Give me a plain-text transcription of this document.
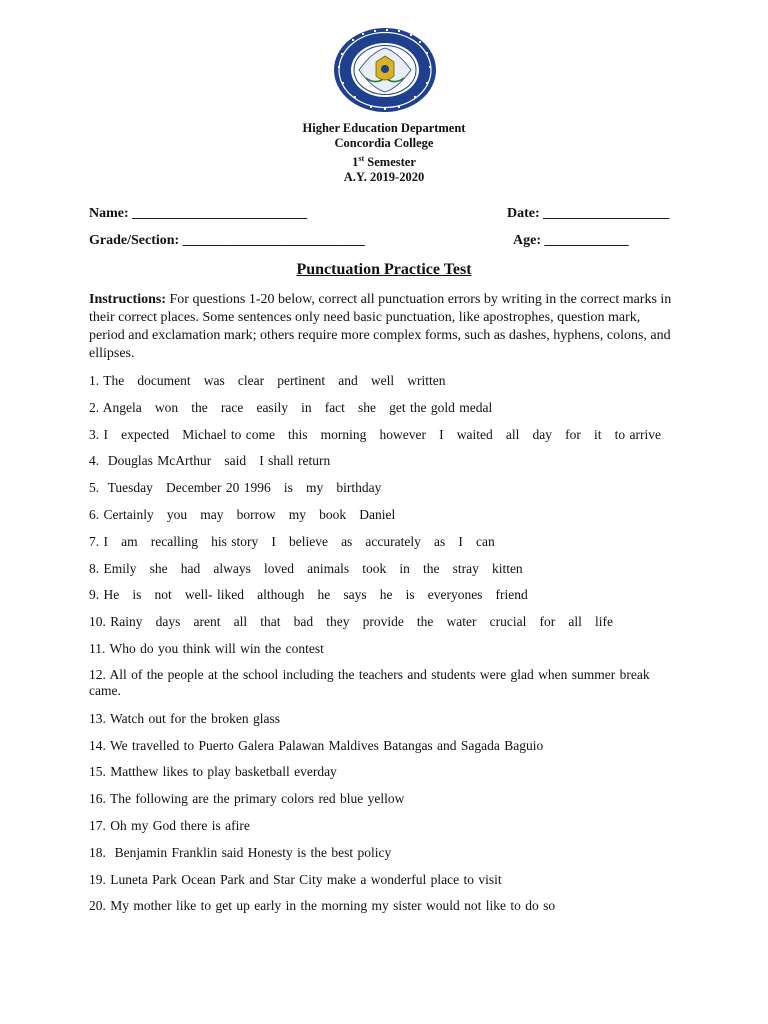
Higher Education Department
Concordia College
1st Semester
A.Y. 2019-2020
Name: _________________________	Date: __________________
Grade/Section: __________________________	Age: ____________
Punctuation Practice Test
Instructions: For questions 1-20 below, correct all punctuation errors by writing in the correct marks in their correct places. Some sentences only need basic punctuation, like apostrophes, question mark, period and exclamation mark; others require more complex forms, such as dashes, hyphens, colons, and ellipses.
1. The   document   was   clear   pertinent   and   well   written
2. Angela   won   the   race   easily   in   fact   she   get the gold medal
3. I   expected   Michael to come   this   morning   however   I   waited   all   day   for   it   to arrive
4.  Douglas McArthur   said   I shall return
5.  Tuesday   December 20 1996   is   my   birthday
6. Certainly   you   may   borrow   my   book   Daniel
7. I   am   recalling   his story   I   believe   as   accurately   as   I   can
8. Emily   she   had   always   loved   animals   took   in   the   stray   kitten
9. He   is   not   well- liked   although   he   says   he   is   everyones   friend
10. Rainy   days   arent   all   that   bad   they   provide   the   water   crucial   for   all   life
11. Who do you think will win the contest
12. All of the people at the school including the teachers and students were glad when summer break came.
13. Watch out for the broken glass
14. We travelled to Puerto Galera Palawan Maldives Batangas and Sagada Baguio
15. Matthew likes to play basketball everday
16. The following are the primary colors red blue yellow
17. Oh my God there is afire
18.  Benjamin Franklin said Honesty is the best policy
19. Luneta Park Ocean Park and Star City make a wonderful place to visit
20. My mother like to get up early in the morning my sister would not like to do so
